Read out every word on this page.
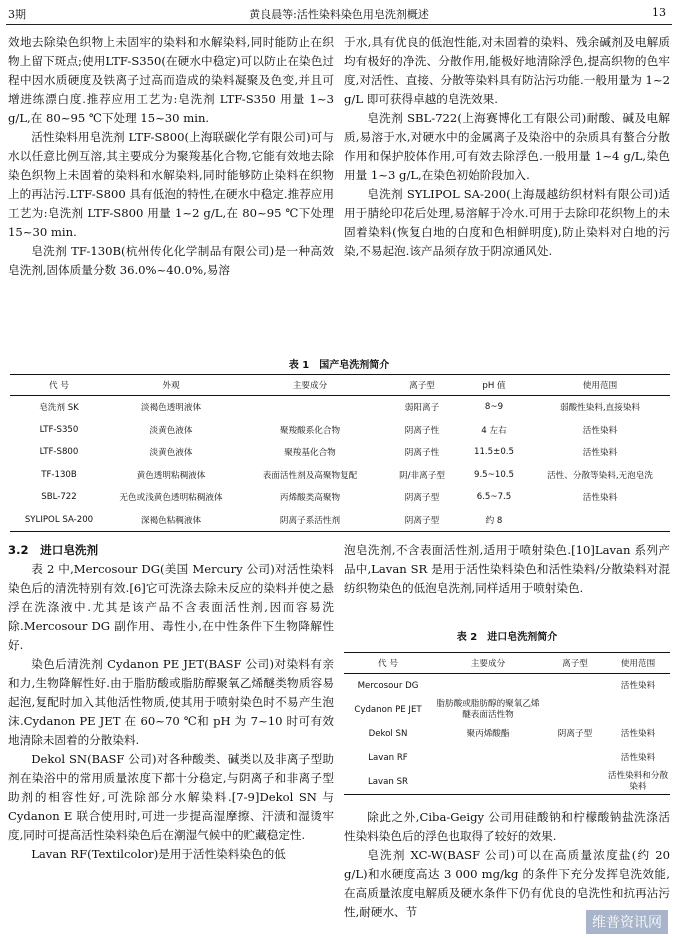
3期	黄良晨等:活性染料染色用皂洗剂概述	13

效地去除染色织物上未固牢的染料和水解染料,同时能防止在织物上留下斑点;使用LTF-S350(在硬水中稳定)可以防止在染色过程中因水质硬度及铁离子过高而造成的染料凝聚及色变,并且可增进练漂白度.推荐应用工艺为:皂洗剂 LTF-S350 用量 1~3 g/L,在 80~95 ℃下处理 15~30 min.

活性染料用皂洗剂 LTF-S800(上海联碳化学有限公司)可与水以任意比例互溶,其主要成分为聚羧基化合物,它能有效地去除染色织物上未固着的染料和水解染料,同时能够防止染料在织物上的再沾污.LTF-S800 具有低泡的特性,在硬水中稳定.推荐应用工艺为:皂洗剂 LTF-S800 用量 1~2 g/L,在 80~95 ℃下处理 15~30 min.

皂洗剂 TF-130B(杭州传化化学制品有限公司)是一种高效皂洗剂,固体质量分数 36.0%~40.0%,易溶

于水,具有优良的低泡性能,对未固着的染料、残余碱剂及电解质均有极好的净洗、分散作用,能极好地清除浮色,提高织物的色牢度,对活性、直接、分散等染料具有防沾污功能.一般用量为 1~2 g/L 即可获得卓越的皂洗效果.

皂洗剂 SBL-722(上海赛博化工有限公司)耐酸、碱及电解质,易溶于水,对硬水中的金属离子及染浴中的杂质具有螯合分散作用和保护胶体作用,可有效去除浮色.一般用量 1~4 g/L,染色用量 1~3 g/L,在染色初始阶段加入.

皂洗剂 SYLIPOL SA-200(上海晟越纺织材料有限公司)适用于腈纶印花后处理,易溶解于冷水.可用于去除印花织物上的未固着染料(恢复白地的白度和色相鲜明度),防止染料对白地的污染,不易起泡.该产品须存放于阴凉通风处.

表 1　国产皂洗剂简介
代 号	外观	主要成分	离子型	pH 值	使用范围
皂洗剂 SK	淡褐色透明液体		弱阳离子	8~9	弱酸性染料,直接染料
LTF-S350	淡黄色液体	聚羧酸系化合物	阴离子性	4 左右	活性染料
LTF-S800	淡黄色液体	聚羧基化合物	阴离子性	11.5±0.5	活性染料
TF-130B	黄色透明粘稠液体	表面活性剂及高聚物复配	阴/非离子型	9.5~10.5	活性、分散等染料,无泡皂洗
SBL-722	无色或浅黄色透明粘稠液体	丙烯酸类高聚物	阴离子型	6.5~7.5	活性染料
SYLIPOL SA-200	深褐色粘稠液体	阴离子系活性剂	阴离子型	约 8	

3.2　进口皂洗剂

表 2 中,Mercosour DG(美国 Mercury 公司)对活性染料染色后的清洗特别有效.[6]它可洗涤去除未反应的染料并使之悬浮在洗涤液中.尤其是该产品不含表面活性剂,因而容易洗除.Mercosour DG 副作用、毒性小,在中性条件下生物降解性好.

染色后清洗剂 Cydanon PE JET(BASF 公司)对染料有亲和力,生物降解性好.由于脂肪酸或脂肪醇聚氧乙烯醚类物质容易起泡,复配时加入其他活性物质,使其用于喷射染色时不易产生泡沫.Cydanon PE JET 在 60~70 ℃和 pH 为 7~10 时可有效地清除未固着的分散染料.

Dekol SN(BASF 公司)对各种酸类、碱类以及非离子型助剂在染浴中的常用质量浓度下都十分稳定,与阴离子和非离子型助剂的相容性好,可洗除部分水解染料.[7-9]Dekol SN 与 Cydanon E 联合使用时,可进一步提高湿摩擦、汗渍和湿烫牢度,同时可提高活性染料染色后在潮湿气候中的贮藏稳定性.

Lavan RF(Textilcolor)是用于活性染料染色的低

泡皂洗剂,不含表面活性剂,适用于喷射染色.[10]Lavan 系列产品中,Lavan SR 是用于活性染料染色和活性染料/分散染料对混纺织物染色的低泡皂洗剂,同样适用于喷射染色.

表 2　进口皂洗剂简介
代 号	主要成分	离子型	使用范围
Mercosour DG			活性染料
Cydanon PE JET	脂肪酸或脂肪醇的聚氧乙烯醚表面活性物		
Dekol SN	聚丙烯酸酯	阴离子型	活性染料
Lavan RF			活性染料
Lavan SR			活性染料和分散染料

除此之外,Ciba-Geigy 公司用硅酸钠和柠檬酸钠盐洗涤活性染料染色后的浮色也取得了较好的效果.

皂洗剂 XC-W(BASF 公司)可以在高质量浓度盐(约 20 g/L)和水硬度高达 3 000 mg/kg 的条件下充分发挥皂洗效能,在高质量浓度电解质及硬水条件下仍有优良的皂洗性和抗再沾污性,耐硬水、节

维普资讯网
